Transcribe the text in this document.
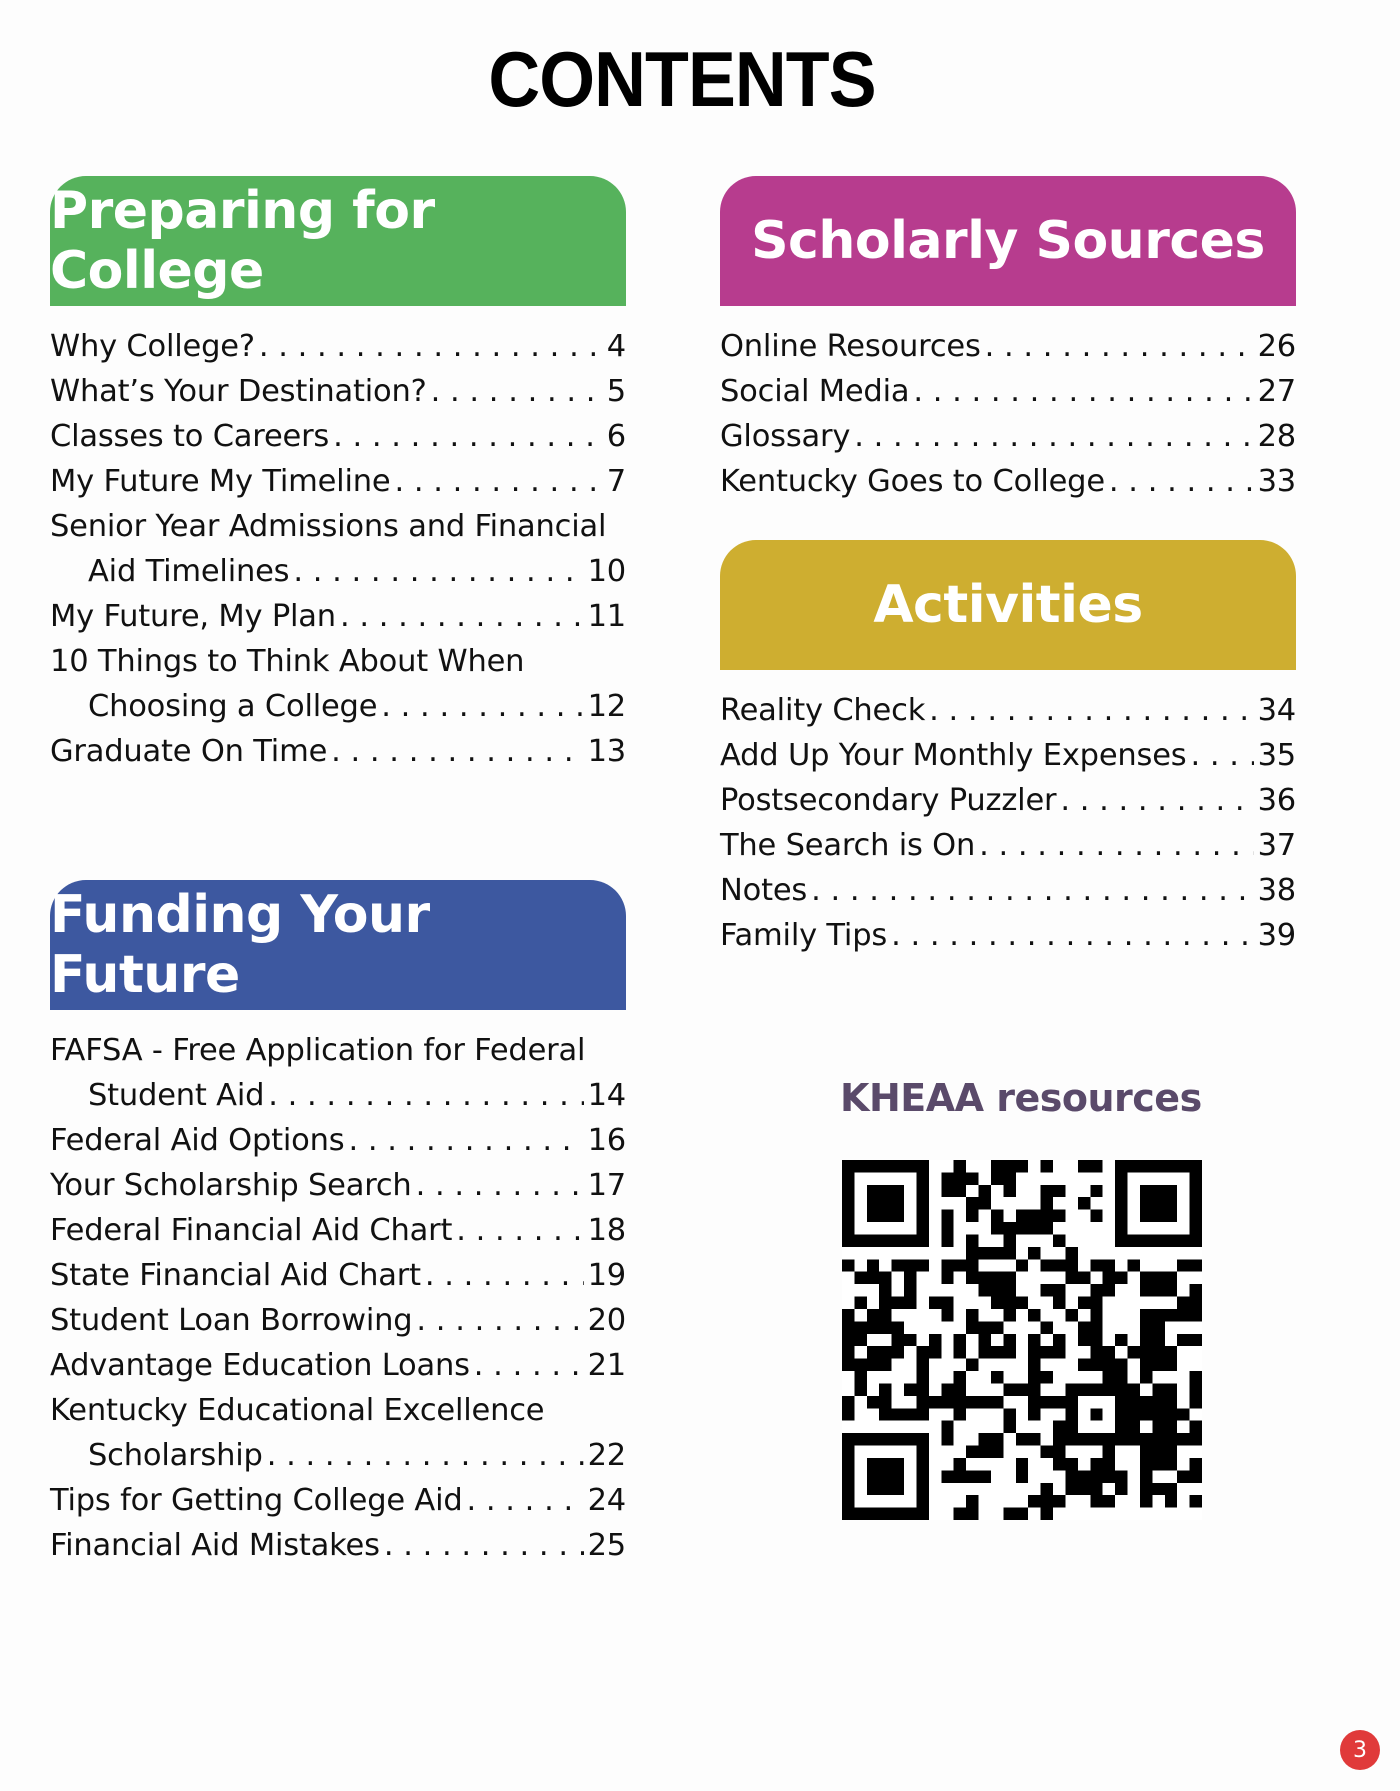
CONTENTS
Preparing for College
Why College? . . .	4
What’s Your Destination? . . .	5
Classes to Careers . . .	6
My Future My Timeline . . .	7
Senior Year Admissions and Financial
Aid Timelines . . .	10
My Future, My Plan . . .	11
10 Things to Think About When
Choosing a College . . .	12
Graduate On Time . . .	13
Scholarly Sources
Online Resources . . .	26
Social Media . . .	27
Glossary . . .	28
Kentucky Goes to College . . .	33
Activities
Reality Check . . .	34
Add Up Your Monthly Expenses . . . 35
Postsecondary Puzzler . . .	36
The Search is On . . .	37
Notes . . .	38
Family Tips . . .	39
Funding Your Future
FAFSA - Free Application for Federal
Student Aid . . .	14
Federal Aid Options . . .	16
Your Scholarship Search . . .	17
Federal Financial Aid Chart . . .	18
State Financial Aid Chart . . .	19
Student Loan Borrowing . . .	20
Advantage Education Loans . . .	21
Kentucky Educational Excellence
Scholarship . . .	22
Tips for Getting College Aid . . .	24
Financial Aid Mistakes . . .	25
KHEAA resources
3
